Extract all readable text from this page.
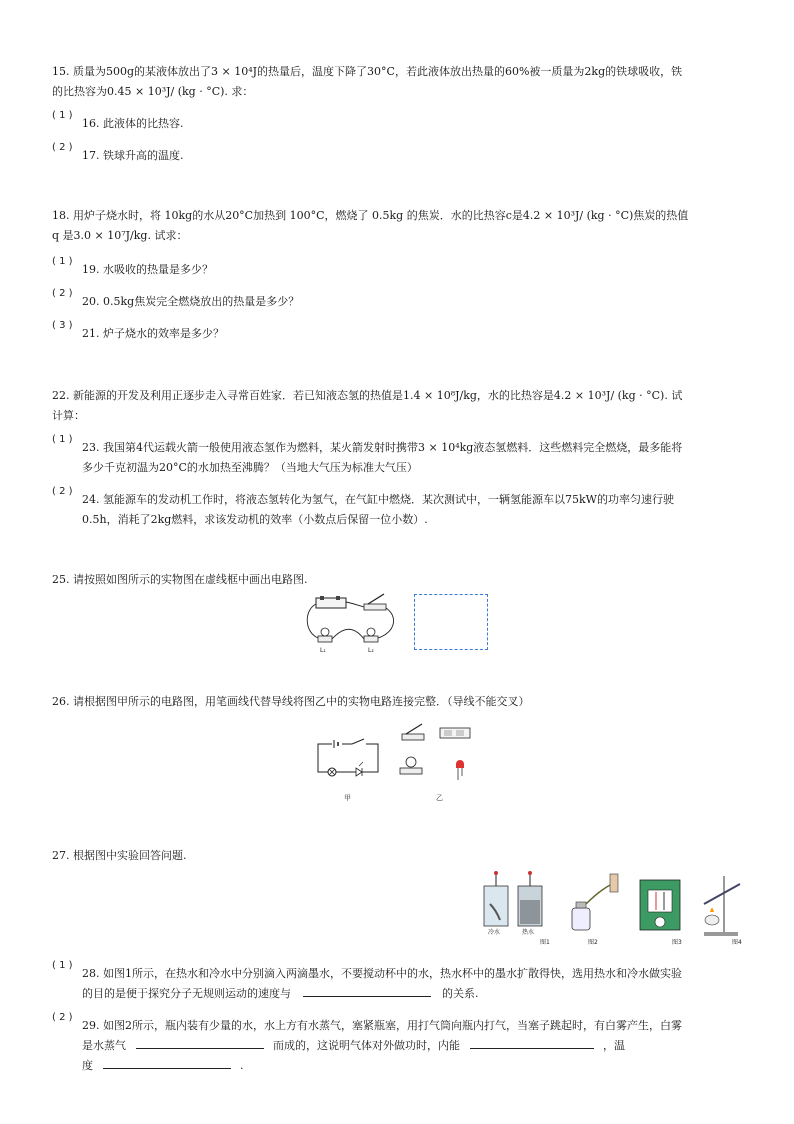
15. 质量为500g的某液体放出了3 × 10⁴J的热量后，温度下降了30°C，若此液体放出热量的60%被一质量为2kg的铁球吸收，铁
的比热容为0.45 × 10³J/ (kg · °C). 求：
( 1 )
16. 此液体的比热容.
( 2 )
17. 铁球升高的温度.
18. 用炉子烧水时，将 10kg的水从20°C加热到 100°C，燃烧了 0.5kg 的焦炭．水的比热容c是4.2 × 10³J/ (kg · °C)焦炭的热值
q 是3.0 × 10⁷J/kg. 试求：
( 1 )
19. 水吸收的热量是多少？
( 2 )
20. 0.5kg焦炭完全燃烧放出的热量是多少？
( 3 )
21. 炉子烧水的效率是多少？
22. 新能源的开发及利用正逐步走入寻常百姓家．若已知液态氢的热值是1.4 × 10⁸J/kg，水的比热容是4.2 × 10³J/ (kg · °C). 试
计算：
( 1 )
23. 我国第4代运载火箭一般使用液态氢作为燃料，某火箭发射时携带3 × 10⁴kg液态氢燃料．这些燃料完全燃烧，最多能将
多少千克初温为20°C的水加热至沸腾？（当地大气压为标准大气压）
( 2 )
24. 氢能源车的发动机工作时，将液态氢转化为氢气，在气缸中燃烧．某次测试中，一辆氢能源车以75kW的功率匀速行驶
0.5h，消耗了2kg燃料，求该发动机的效率（小数点后保留一位小数）.
25. 请按照如图所示的实物图在虚线框中画出电路图.
L₁	L₂
26. 请根据图甲所示的电路图，用笔画线代替导线将图乙中的实物电路连接完整．（导线不能交叉）
甲	乙
27. 根据图中实验回答问题.
冷水	热水
图1	图2	图3	图4
( 1 )
28. 如图1所示，在热水和冷水中分别滴入两滴墨水，不要搅动杯中的水，热水杯中的墨水扩散得快，选用热水和冷水做实验
的目的是便于探究分子无规则运动的速度与	的关系.
( 2 )
29. 如图2所示，瓶内装有少量的水，水上方有水蒸气，塞紧瓶塞，用打气筒向瓶内打气，当塞子跳起时，有白雾产生，白雾
是水蒸气	而成的，这说明气体对外做功时，内能	，温
度	.
